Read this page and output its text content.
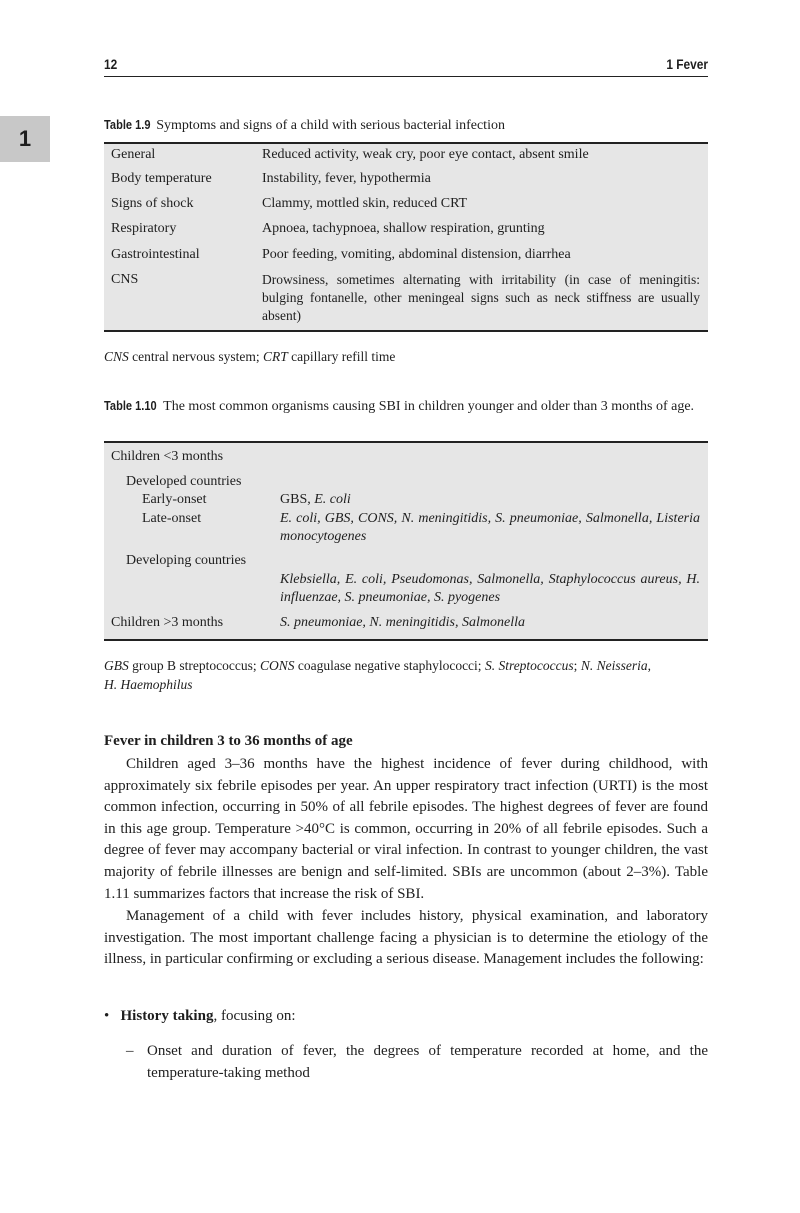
12	1 Fever
1
Table 1.9 Symptoms and signs of a child with serious bacterial infection
General	Reduced activity, weak cry, poor eye contact, absent smile
Body temperature	Instability, fever, hypothermia
Signs of shock	Clammy, mottled skin, reduced CRT
Respiratory	Apnoea, tachypnoea, shallow respiration, grunting
Gastrointestinal	Poor feeding, vomiting, abdominal distension, diarrhea
CNS	Drowsiness, sometimes alternating with irritability (in case of meningitis: bulging fontanelle, other meningeal signs such as neck stiffness are usually absent)
CNS central nervous system; CRT capillary refill time
Table 1.10 The most common organisms causing SBI in children younger and older than 3 months of age.
Children <3 months
Developed countries
Early-onset	GBS, E. coli
Late-onset	E. coli, GBS, CONS, N. meningitidis, S. pneumoniae, Salmonella, Listeria monocytogenes
Developing countries
Klebsiella, E. coli, Pseudomonas, Salmonella, Staphylococcus aureus, H. influenzae, S. pneumoniae, S. pyogenes
Children >3 months	S. pneumoniae, N. meningitidis, Salmonella
GBS group B streptococcus; CONS coagulase negative staphylococci; S. Streptococcus; N. Neisseria,
H. Haemophilus
Fever in children 3 to 36 months of age

Children aged 3–36 months have the highest incidence of fever during childhood, with approximately six febrile episodes per year. An upper respiratory tract infection (URTI) is the most common infection, occurring in 50% of all febrile episodes. The highest degrees of fever are found in this age group. Temperature >40°C is common, occurring in 20% of all febrile episodes. Such a degree of fever may accompany bacterial or viral infection. In contrast to younger children, the vast majority of febrile illnesses are benign and self-limited. SBIs are uncommon (about 2–3%). Table 1.11 summarizes factors that increase the risk of SBI.

Management of a child with fever includes history, physical examination, and laboratory investigation. The most important challenge facing a physician is to determine the etiology of the illness, in particular confirming or excluding a serious disease. Management includes the following:

• History taking, focusing on:
– Onset and duration of fever, the degrees of temperature recorded at home, and the temperature-taking method
